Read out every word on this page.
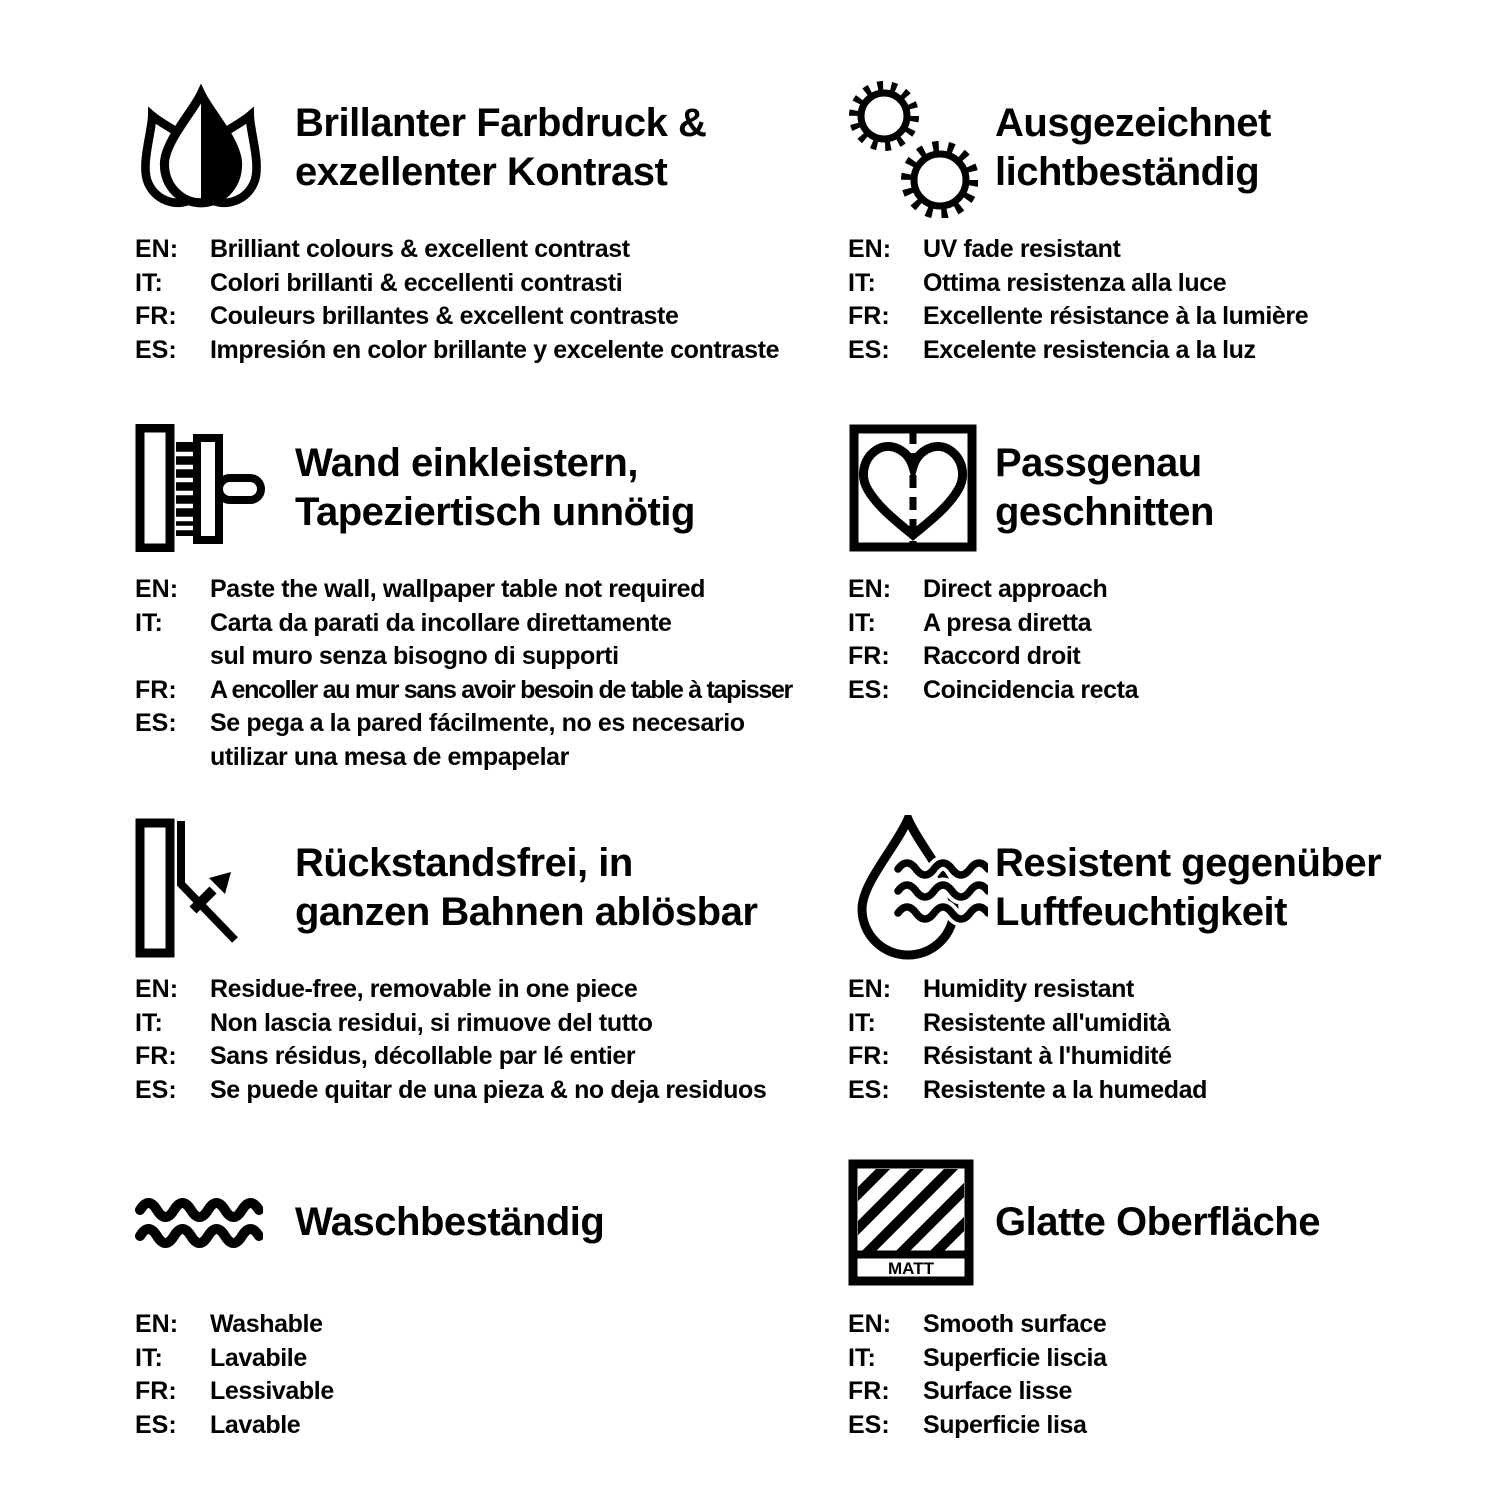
Brillanter Farbdruck &
exzellenter Kontrast
EN:	Brilliant colours & excellent contrast
IT:	Colori brillanti & eccellenti contrasti
FR:	Couleurs brillantes & excellent contraste
ES:	Impresión en color brillante y excelente contraste
Ausgezeichnet
lichtbeständig
EN:	UV fade resistant
IT:	Ottima resistenza alla luce
FR:	Excellente résistance à la lumière
ES:	Excelente resistencia a la luz
Wand einkleistern,
Tapeziertisch unnötig
EN:	Paste the wall, wallpaper table not required
IT:	Carta da parati da incollare direttamente
sul muro senza bisogno di supporti
FR:	A encoller au mur sans avoir besoin de table à tapisser
ES:	Se pega a la pared fácilmente, no es necesario
utilizar una mesa de empapelar
Passgenau
geschnitten
EN:	Direct approach
IT:	A presa diretta
FR:	Raccord droit
ES:	Coincidencia recta
Rückstandsfrei, in
ganzen Bahnen ablösbar
EN:	Residue-free, removable in one piece
IT:	Non lascia residui, si rimuove del tutto
FR:	Sans résidus, décollable par lé entier
ES:	Se puede quitar de una pieza & no deja residuos
Resistent gegenüber
Luftfeuchtigkeit
EN:	Humidity resistant
IT:	Resistente all'umidità
FR:	Résistant à l'humidité
ES:	Resistente a la humedad
Waschbeständig
EN:	Washable
IT:	Lavabile
FR:	Lessivable
ES:	Lavable
MATT
Glatte Oberfläche
EN:	Smooth surface
IT:	Superficie liscia
FR:	Surface lisse
ES:	Superficie lisa
